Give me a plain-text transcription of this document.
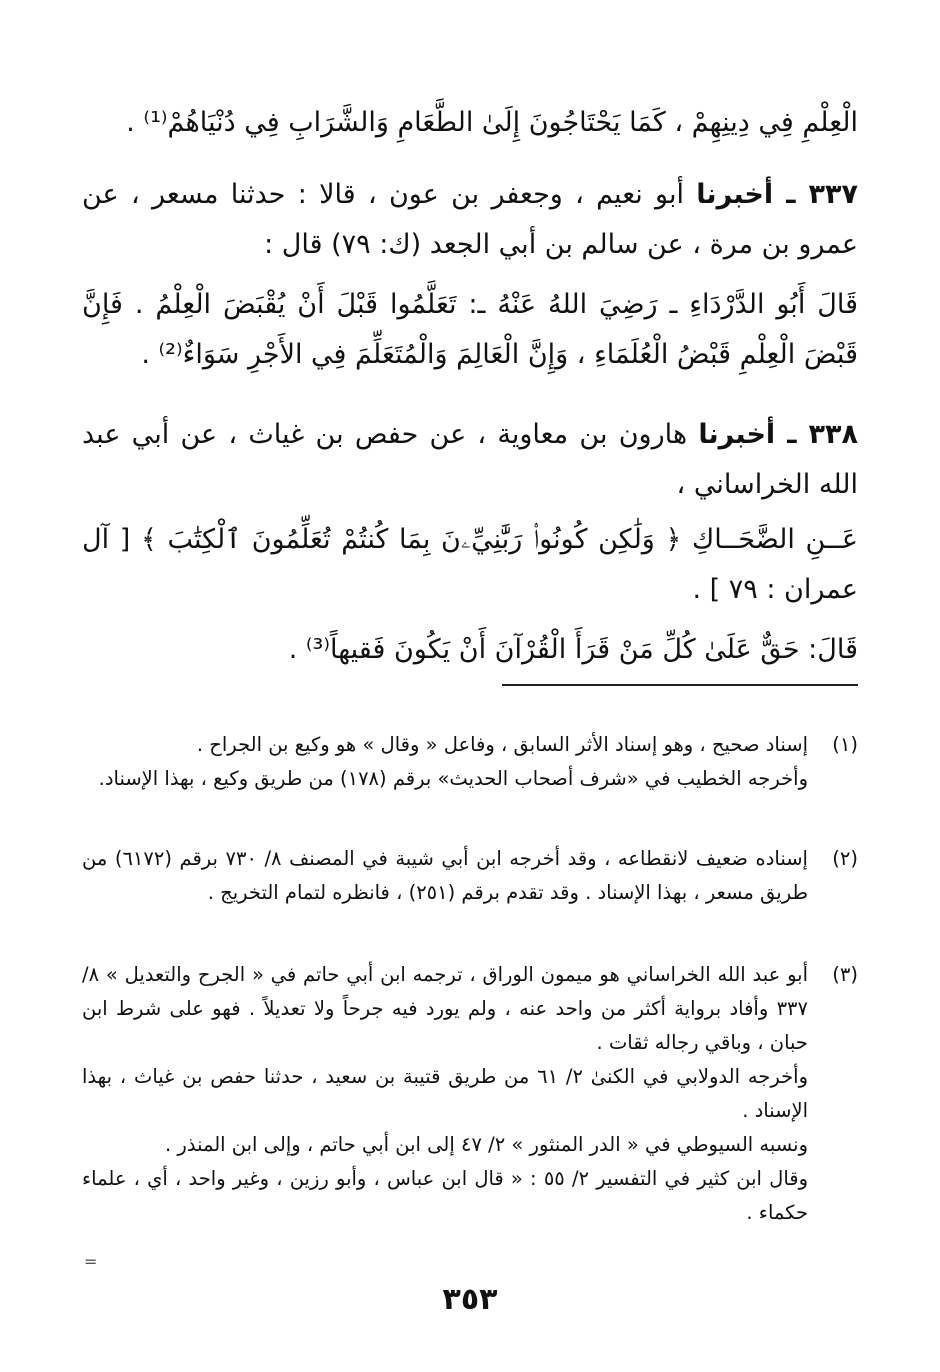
الْعِلْمِ فِي دِينِهِمْ ، كَمَا يَحْتَاجُونَ إِلَىٰ الطَّعَامِ وَالشَّرَابِ فِي دُنْيَاهُمْ⁽¹⁾ .
٣٣٧ ـ أخبرنا أبو نعيم ، وجعفر بن عون ، قالا : حدثنا مسعر ، عن عمرو بن مرة ، عن سالم بن أبي الجعد (ك: ٧٩) قال :
قَالَ أَبُو الدَّرْدَاءِ ـ رَضِيَ اللهُ عَنْهُ ـ: تَعَلَّمُوا قَبْلَ أَنْ يُقْبَضَ الْعِلْمُ . فَإِنَّ قَبْضَ الْعِلْمِ قَبْضُ الْعُلَمَاءِ ، وَإِنَّ الْعَالِمَ وَالْمُتَعَلِّمَ فِي الأَجْرِ سَوَاءٌ⁽²⁾ .
٣٣٨ ـ أخبرنا هارون بن معاوية ، عن حفص بن غياث ، عن أبي عبد الله الخراساني ،
عَــنِ الضَّحَــاكِ ﴿ وَلَٰكِن كُونُوا۟ رَبَّٰنِيِّۦنَ بِمَا كُنتُمْ تُعَلِّمُونَ ٱلْكِتَٰبَ ﴾ [ آل عمران : ٧٩ ] .
قَالَ: حَقٌّ عَلَىٰ كُلِّ مَنْ قَرَأَ الْقُرْآنَ أَنْ يَكُونَ فَقيهاً⁽³⁾ .
(١)
إسناد صحيح ، وهو إسناد الأثر السابق ، وفاعل « وقال » هو وكيع بن الجراح .
وأخرجه الخطيب في «شرف أصحاب الحديث» برقم (١٧٨) من طريق وكيع ، بهذا الإسناد.
(٢)
إسناده ضعيف لانقطاعه ، وقد أخرجه ابن أبي شيبة في المصنف ٨/ ٧٣٠ برقم (٦١٧٢) من طريق مسعر ، بهذا الإسناد . وقد تقدم برقم (٢٥١) ، فانظره لتمام التخريج .
(٣)
أبو عبد الله الخراساني هو ميمون الوراق ، ترجمه ابن أبي حاتم في « الجرح والتعديل » ٨/ ٣٣٧ وأفاد برواية أكثر من واحد عنه ، ولم يورد فيه جرحاً ولا تعديلاً . فهو على شرط ابن حبان ، وباقي رجاله ثقات .
وأخرجه الدولابي في الكنىٰ ٢/ ٦١ من طريق قتيبة بن سعيد ، حدثنا حفص بن غياث ، بهذا الإسناد .
ونسبه السيوطي في « الدر المنثور » ٢/ ٤٧ إلى ابن أبي حاتم ، وإلى ابن المنذر .
وقال ابن كثير في التفسير ٢/ ٥٥ : « قال ابن عباس ، وأبو رزين ، وغير واحد ، أي ، علماء حكماء .
=
٣٥٣
